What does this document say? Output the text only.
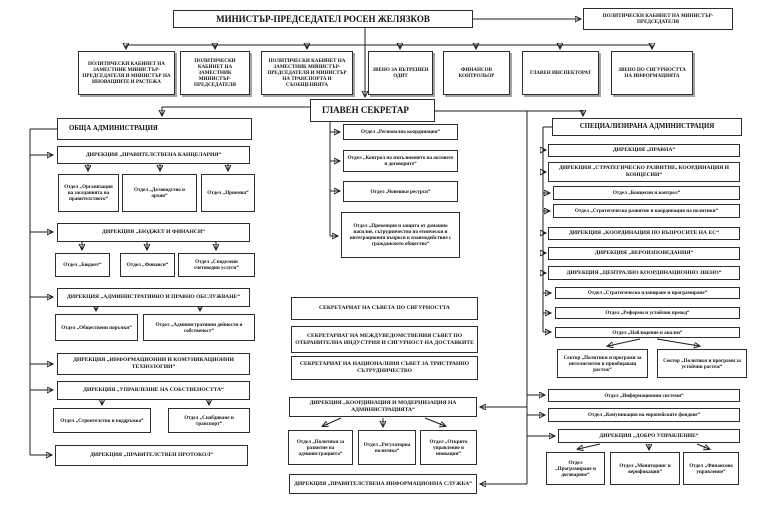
МИНИСТЪР-ПРЕДСЕДАТЕЛ РОСЕН ЖЕЛЯЗКОВ	ПОЛИТИЧЕСКИ КАБИНЕТ НА МИНИСТЪР-ПРЕДСЕДАТЕЛЯ
ПОЛИТИЧЕСКИ КАБИНЕТ НА ЗАМЕСТНИК МИНИСТЪР-ПРЕДСЕДАТЕЛЯ И МИНИСТЪР НА ИНОВАЦИИТЕ И РАСТЕЖА
ПОЛИТИЧЕСКИ КАБИНЕТ НА ЗАМЕСТНИК МИНИСТЪР-ПРЕДСЕДАТЕЛЯ
ПОЛИТИЧЕСКИ КАБИНЕТ НА ЗАМЕСТНИК МИНИСТЪР-ПРЕДСЕДАТЕЛЯ И МИНИСТЪР НА ТРАНСПОРТА И СЪОБЩЕНИЯТА
ЗВЕНО ЗА ВЪТРЕШЕН ОДИТ
ФИНАНСОВ КОНТРОЛЬОР	ГЛАВЕН ИНСПЕКТОРАТ	ЗВЕНО ПО СИГУРНОСТТА НА ИНФОРМАЦИЯТА
ГЛАВЕН СЕКРЕТАР
Отдел „Регионална координация“
Отдел „Контрол по изпълнението на актовете и договорите“
Отдел „Човешки ресурси“
Отдел „Превенция и защита от домашно насилие, сътрудничество по етнически и интеграционни въпроси и взаимодействие с гражданското общество“
СЕКРЕТАРИАТ НА СЪВЕТА ПО СИГУРНОСТТА
СЕКРЕТАРИАТ НА МЕЖДУВЕДОМСТВЕНИЯ СЪВЕТ ПО ОТБРАНИТЕЛНА ИНДУСТРИЯ И СИГУРНОСТ НА ДОСТАВКИТЕ
СЕКРЕТАРИАТ НА НАЦИОНАЛНИЯ СЪВЕТ ЗА ТРИСТРАННО СЪТРУДНИЧЕСТВО
ДИРЕКЦИЯ „КООРДИНАЦИЯ И МОДЕРНИЗАЦИЯ НА АДМИНИСТРАЦИЯТА“
Отдел „Политики за развитие на администрацията“
Отдел „Регулаторна политика“
Отдел „Открито управление и иновации“
ДИРЕКЦИЯ „ПРАВИТЕЛСТВЕНА ИНФОРМАЦИОННА СЛУЖБА“
ОБЩА АДМИНИСТРАЦИЯ
ДИРЕКЦИЯ „ПРАВИТЕЛСТВЕНА КАНЦЕЛАРИЯ“
Отдел „Организация на заседанията на правителството“
Отдел „Деловодство и архив“	Отдел „Приемна“
ДИРЕКЦИЯ „БЮДЖЕТ И ФИНАНСИ“
Отдел „Бюджет“	Отдел „Финанси“	Отдел „Споделени счетоводни услуги“
ДИРЕКЦИЯ „АДМИНИСТРАТИВНО И ПРАВНО ОБСЛУЖВАНЕ“
Отдел „Обществени поръчки“	Отдел „Административни дейности и собственост“
ДИРЕКЦИЯ „ИНФОРМАЦИОННИ И КОМУНИКАЦИОННИ ТЕХНОЛОГИИ“
ДИРЕКЦИЯ „УПРАВЛЕНИЕ НА СОБСТВЕНОСТТА“
Отдел „Строителство и поддръжка“	Отдел „Снабдяване и транспорт“
ДИРЕКЦИЯ „ПРАВИТЕЛСТВЕН ПРОТОКОЛ“
СПЕЦИАЛИЗИРАНА АДМИНИСТРАЦИЯ
ДИРЕКЦИЯ „ПРАВНА“
ДИРЕКЦИЯ „СТРАТЕГИЧЕСКО РАЗВИТИЕ, КООРДИНАЦИЯ И КОНЦЕСИИ“
Отдел „Концесии и контрол“
Отдел „Стратегическо развитие и координация на политики“
ДИРЕКЦИЯ „КООРДИНАЦИЯ ПО ВЪПРОСИТЕ НА ЕС“
ДИРЕКЦИЯ „ВЕРОИЗПОВЕДАНИЯ“
ДИРЕКЦИЯ „ЦЕНТРАЛНО КООРДИНАЦИОННО ЗВЕНО“
Отдел „Стратегическо планиране и програмиране“
Отдел „Реформи и устойчив преход“
Отдел „Наблюдение и анализ“
Сектор „Политики и програми за интелигентен и приобщаващ растеж“
Сектор „Политики и програми за устойчив растеж“
Отдел „Информационни системи“
Отдел „Комуникация на европейските фондове“
ДИРЕКЦИЯ „ДОБРО УПРАВЛЕНИЕ“
Отдел „Програмиране и договаряне“
Отдел „Мониторинг и верификация“
Отдел „Финансово управление“
